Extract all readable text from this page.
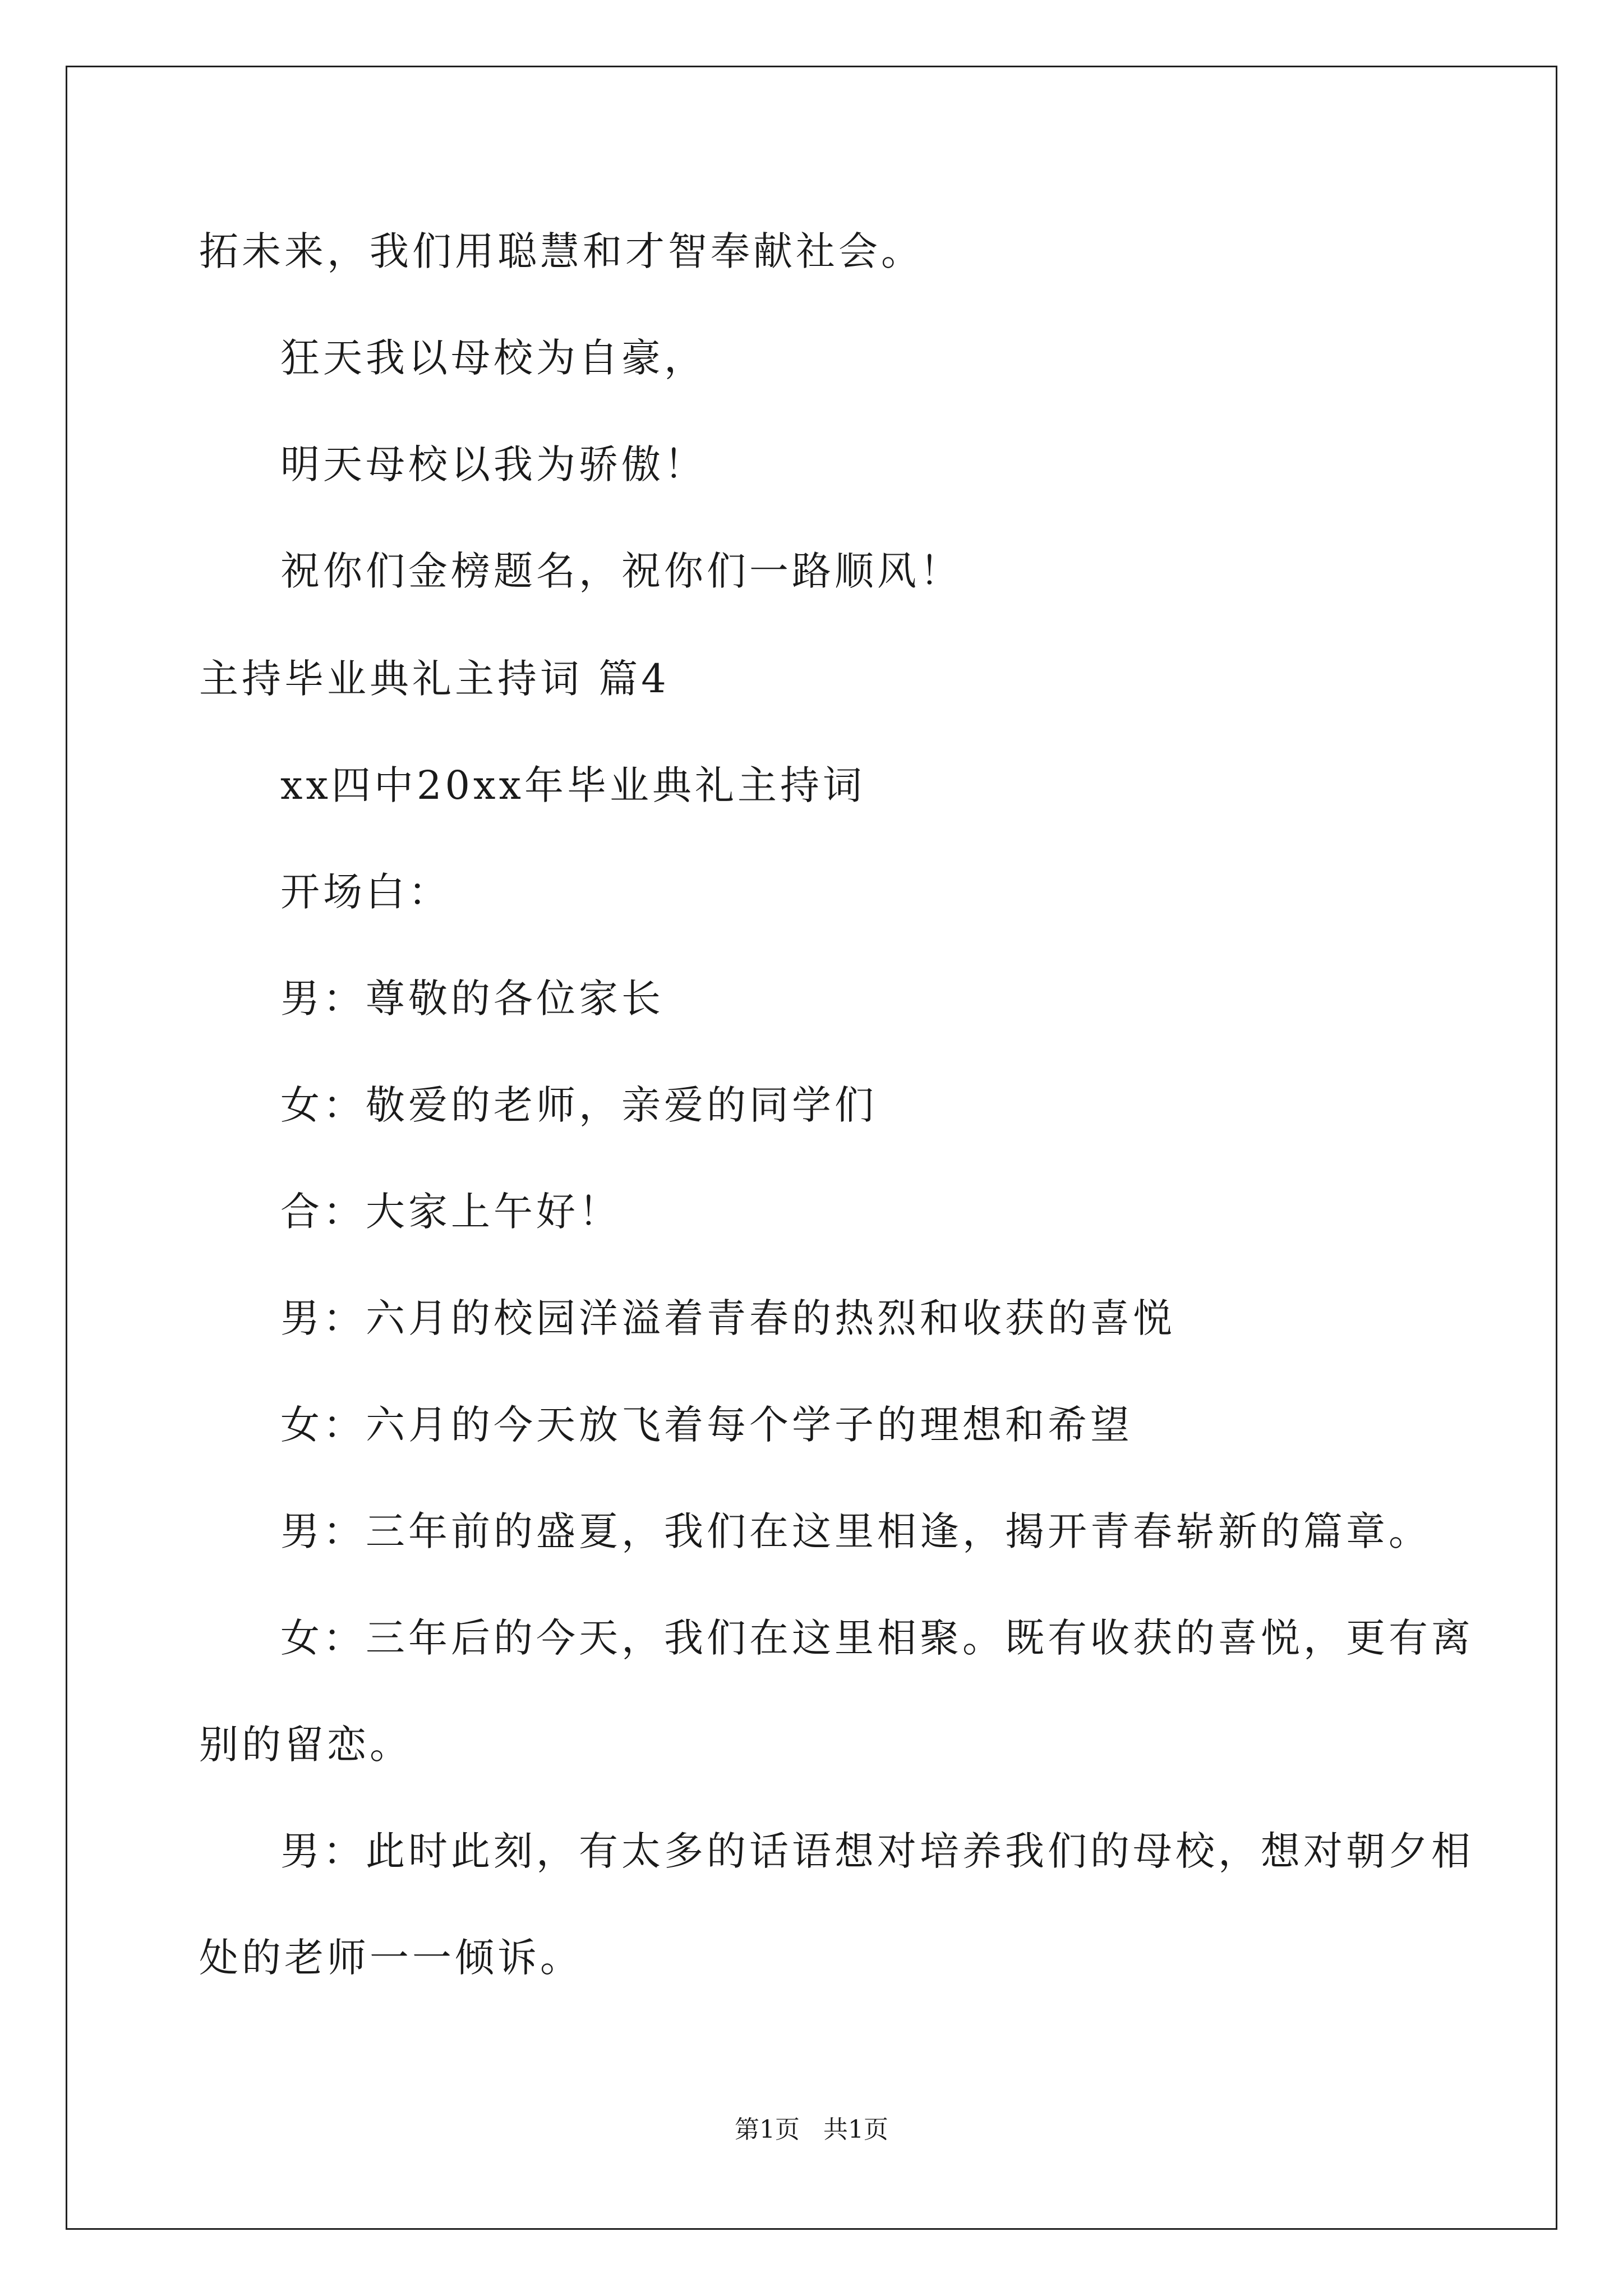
拓未来，我们用聪慧和才智奉献社会。
狂天我以母校为自豪，
明天母校以我为骄傲！
祝你们金榜题名，祝你们一路顺风！
主持毕业典礼主持词 篇4
xx四中20xx年毕业典礼主持词
开场白：
男：尊敬的各位家长
女：敬爱的老师，亲爱的同学们
合：大家上午好！
男：六月的校园洋溢着青春的热烈和收获的喜悦
女：六月的今天放飞着每个学子的理想和希望
男：三年前的盛夏，我们在这里相逢，揭开青春崭新的篇章。
女：三年后的今天，我们在这里相聚。既有收获的喜悦，更有离
别的留恋。
男：此时此刻，有太多的话语想对培养我们的母校，想对朝夕相
处的老师一一倾诉。
第1页   共1页
